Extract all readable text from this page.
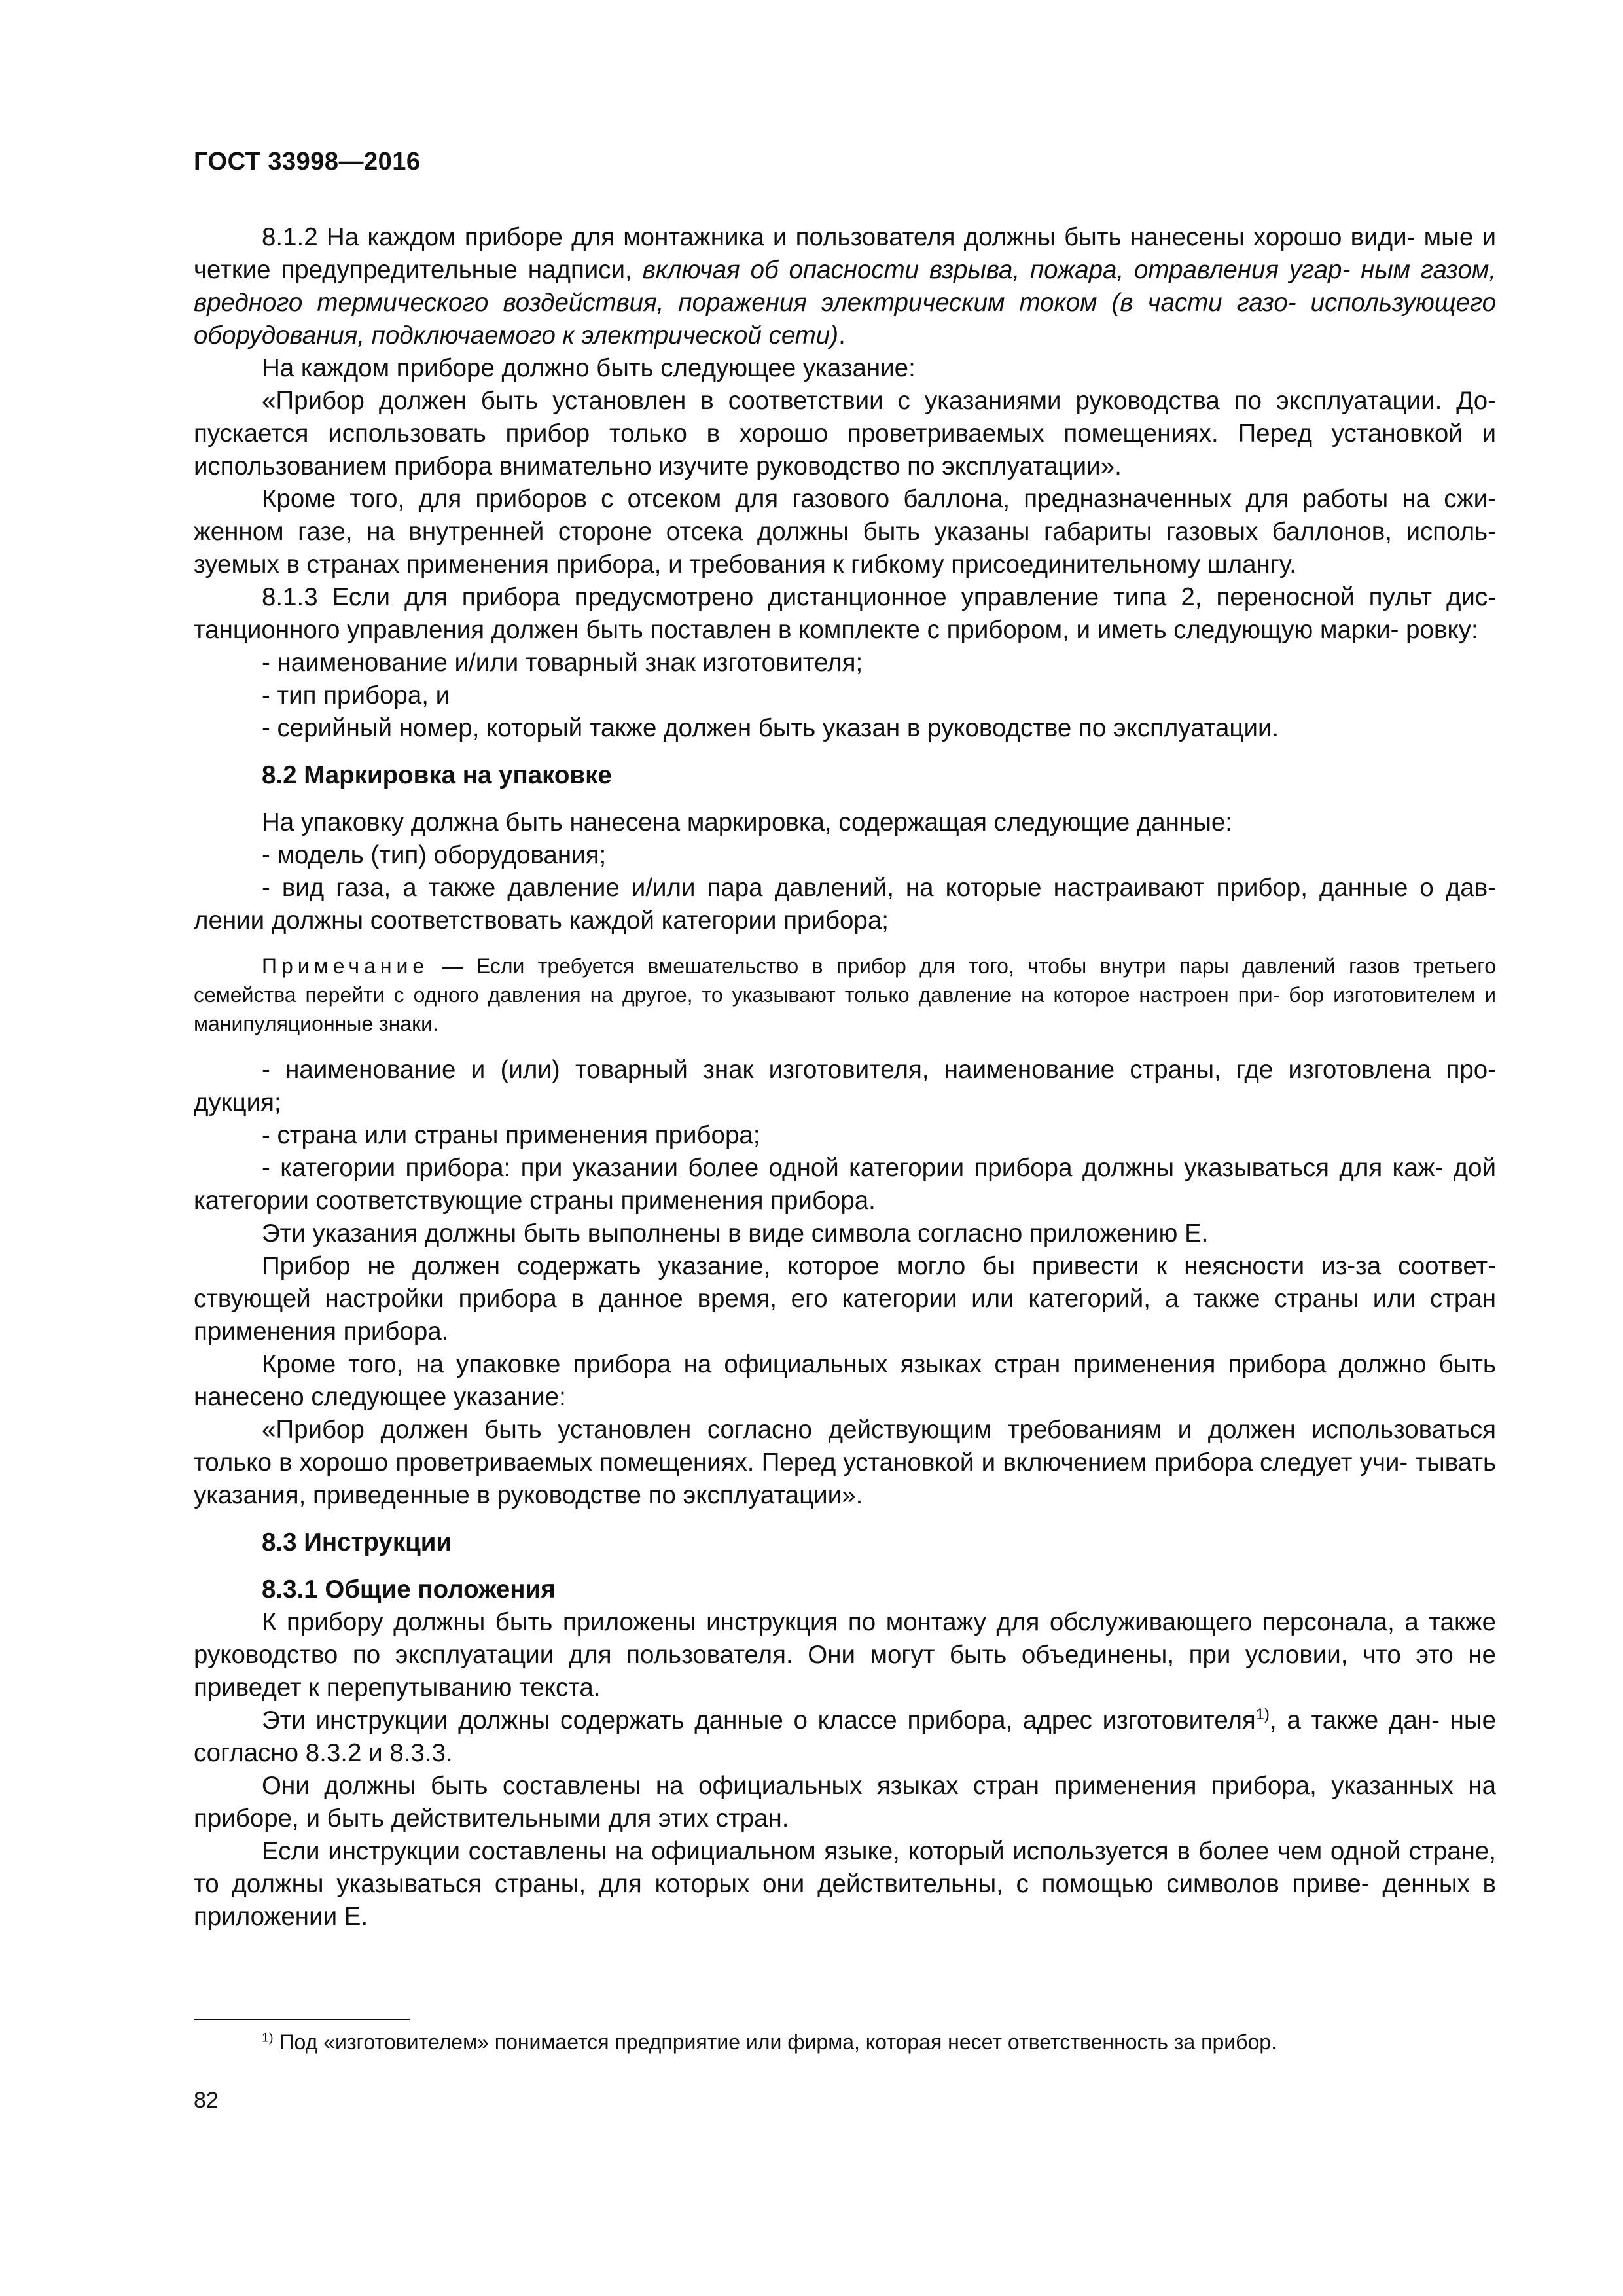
ГОСТ 33998—2016

8.1.2 На каждом приборе для монтажника и пользователя должны быть нанесены хорошо види- мые и четкие предупредительные надписи, включая об опасности взрыва, пожара, отравления угар- ным газом, вредного термического воздействия, поражения электрическим током (в части газо- использующего оборудования, подключаемого к электрической сети).

На каждом приборе должно быть следующее указание:

«Прибор должен быть установлен в соответствии с указаниями руководства по эксплуатации. До- пускается использовать прибор только в хорошо проветриваемых помещениях. Перед установкой и использованием прибора внимательно изучите руководство по эксплуатации».

Кроме того, для приборов с отсеком для газового баллона, предназначенных для работы на сжи- женном газе, на внутренней стороне отсека должны быть указаны габариты газовых баллонов, исполь- зуемых в странах применения прибора, и требования к гибкому присоединительному шлангу.

8.1.3 Если для прибора предусмотрено дистанционное управление типа 2, переносной пульт дис- танционного управления должен быть поставлен в комплекте с прибором, и иметь следующую марки- ровку:

- наименование и/или товарный знак изготовителя;

- тип прибора, и

- серийный номер, который также должен быть указан в руководстве по эксплуатации.

8.2 Маркировка на упаковке

На упаковку должна быть нанесена маркировка, содержащая следующие данные:

- модель (тип) оборудования;

- вид газа, а также давление и/или пара давлений, на которые настраивают прибор, данные о дав- лении должны соответствовать каждой категории прибора;

Примечание — Если требуется вмешательство в прибор для того, чтобы внутри пары давлений газов третьего семейства перейти с одного давления на другое, то указывают только давление на которое настроен при- бор изготовителем и манипуляционные знаки.

- наименование и (или) товарный знак изготовителя, наименование страны, где изготовлена про- дукция;

- страна или страны применения прибора;

- категории прибора: при указании более одной категории прибора должны указываться для каж- дой категории соответствующие страны применения прибора.

Эти указания должны быть выполнены в виде символа согласно приложению Е.

Прибор не должен содержать указание, которое могло бы привести к неясности из-за соответ- ствующей настройки прибора в данное время, его категории или категорий, а также страны или стран применения прибора.

Кроме того, на упаковке прибора на официальных языках стран применения прибора должно быть нанесено следующее указание:

«Прибор должен быть установлен согласно действующим требованиям и должен использоваться только в хорошо проветриваемых помещениях. Перед установкой и включением прибора следует учи- тывать указания, приведенные в руководстве по эксплуатации».

8.3 Инструкции

8.3.1 Общие положения

К прибору должны быть приложены инструкция по монтажу для обслуживающего персонала, а также руководство по эксплуатации для пользователя. Они могут быть объединены, при условии, что это не приведет к перепутыванию текста.

Эти инструкции должны содержать данные о классе прибора, адрес изготовителя$^{1)}$, а также дан- ные согласно 8.3.2 и 8.3.3.

Они должны быть составлены на официальных языках стран применения прибора, указанных на приборе, и быть действительными для этих стран.

Если инструкции составлены на официальном языке, который используется в более чем одной стране, то должны указываться страны, для которых они действительны, с помощью символов приве- денных в приложении Е.

$^{1)}$ Под «изготовителем» понимается предприятие или фирма, которая несет ответственность за прибор.
82
